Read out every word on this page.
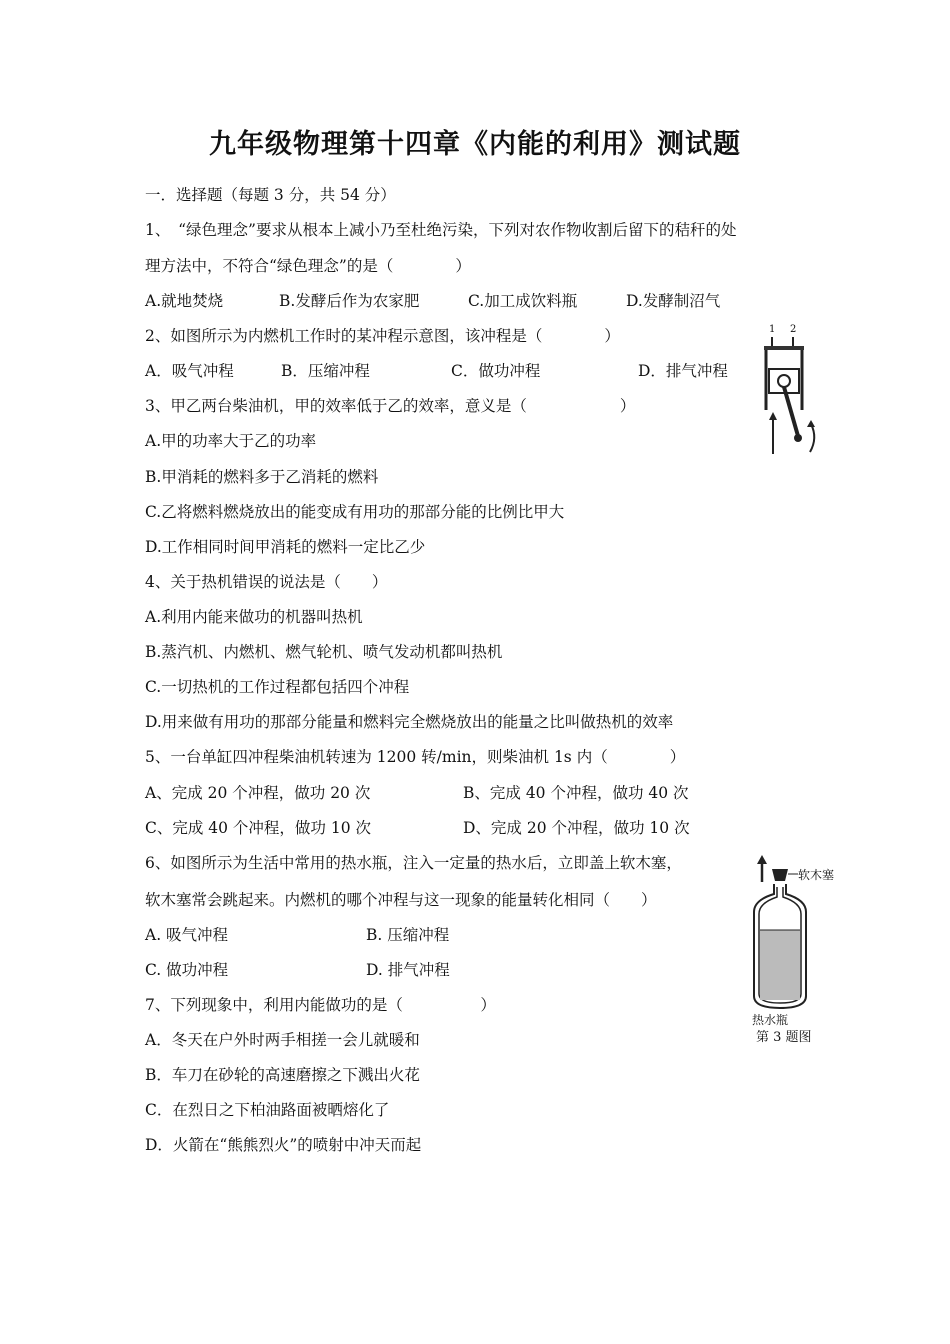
九年级物理第十四章《内能的利用》测试题
一．选择题（每题 3 分，共 54 分）
1、　“绿色理念”要求从根本上减小乃至杜绝污染，下列对农作物收割后留下的秸秆的处
理方法中，不符合“绿色理念”的是（　　　　）
A.就地焚烧	B.发酵后作为农家肥	C.加工成饮料瓶	D.发酵制沼气
2、如图所示为内燃机工作时的某冲程示意图，该冲程是（　　　　）
A．吸气冲程	B．压缩冲程	C．做功冲程	D．排气冲程
1 2
3、甲乙两台柴油机，甲的效率低于乙的效率，意义是（　　　　　　）
A.甲的功率大于乙的功率
B.甲消耗的燃料多于乙消耗的燃料
C.乙将燃料燃烧放出的能变成有用功的那部分能的比例比甲大
D.工作相同时间甲消耗的燃料一定比乙少
4、关于热机错误的说法是（　　）
A.利用内能来做功的机器叫热机
B.蒸汽机、内燃机、燃气轮机、喷气发动机都叫热机
C.一切热机的工作过程都包括四个冲程
D.用来做有用功的那部分能量和燃料完全燃烧放出的能量之比叫做热机的效率
5、一台单缸四冲程柴油机转速为 1200 转/min，则柴油机 1s 内（　　　　）
A、完成 20 个冲程，做功 20 次	B、完成 40 个冲程，做功 40 次
C、完成 40 个冲程，做功 10 次	D、完成 20 个冲程，做功 10 次
6、如图所示为生活中常用的热水瓶，注入一定量的热水后，立即盖上软木塞，
软木塞常会跳起来。内燃机的哪个冲程与这一现象的能量转化相同（　　）
A. 吸气冲程	B. 压缩冲程
C. 做功冲程	D. 排气冲程
软木塞
热水瓶
第 3 题图
7、下列现象中，利用内能做功的是（　　　　　）
A．冬天在户外时两手相搓一会儿就暖和
B．车刀在砂轮的高速磨擦之下溅出火花
C．在烈日之下柏油路面被晒熔化了
D．火箭在“熊熊烈火”的喷射中冲天而起
